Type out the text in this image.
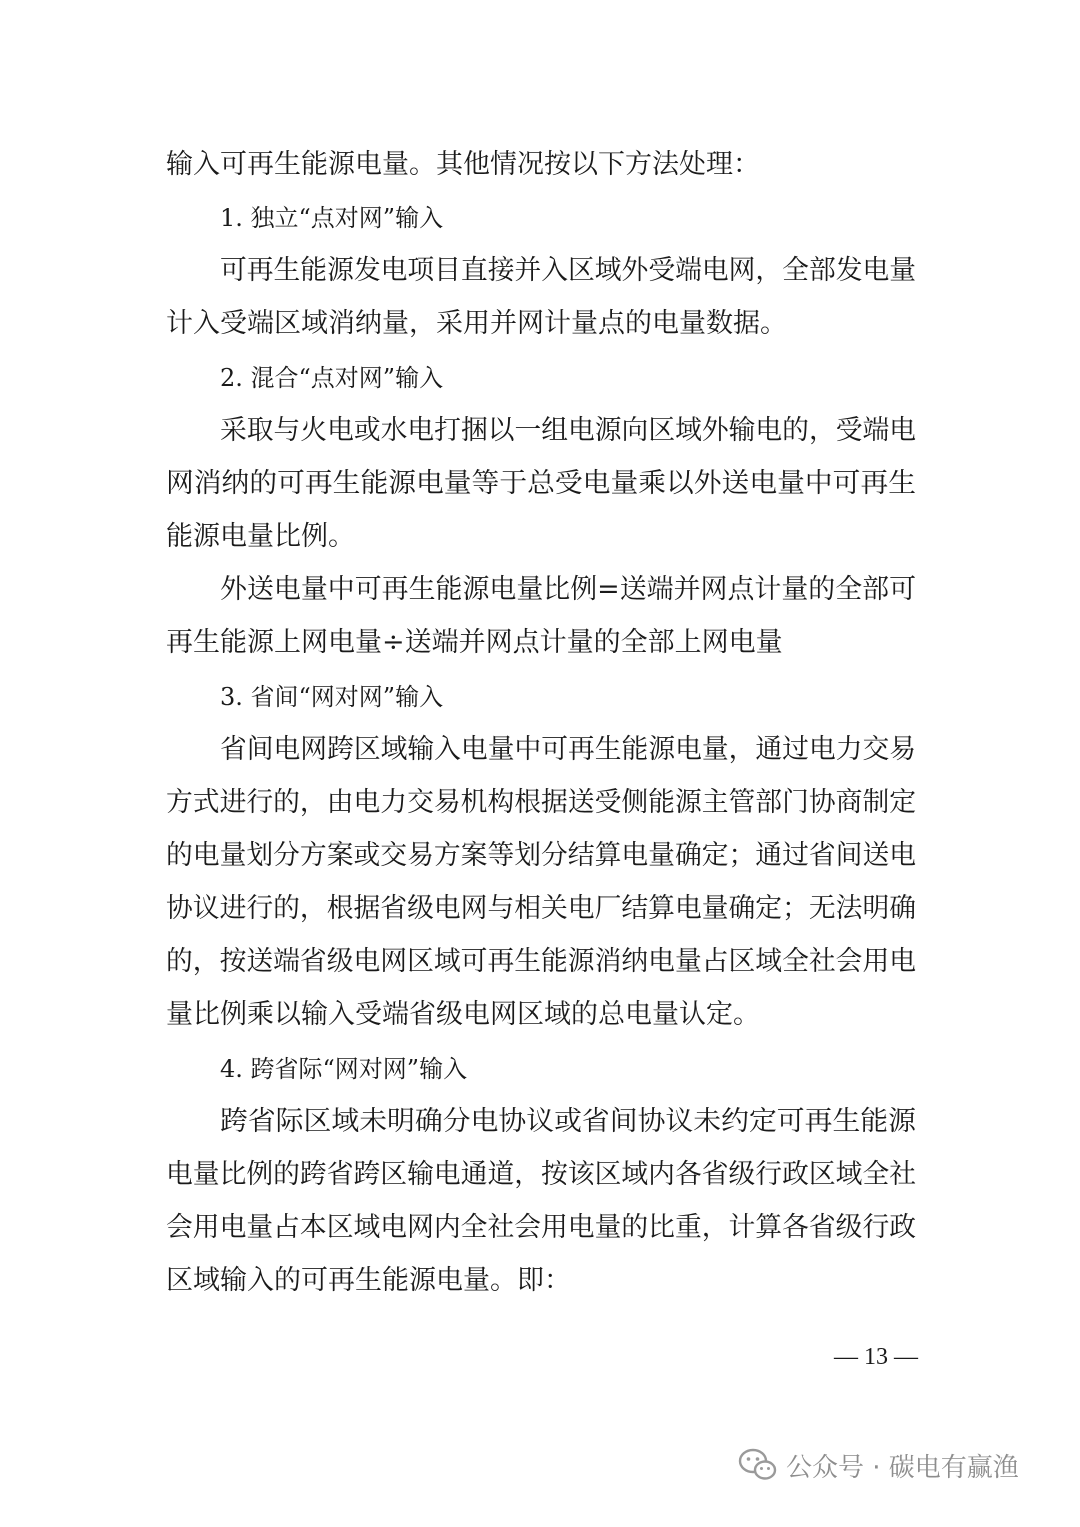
输入可再生能源电量。其他情况按以下方法处理：
1. 独立“点对网”输入
可再生能源发电项目直接并入区域外受端电网，全部发电量
计入受端区域消纳量，采用并网计量点的电量数据。
2. 混合“点对网”输入
采取与火电或水电打捆以一组电源向区域外输电的，受端电
网消纳的可再生能源电量等于总受电量乘以外送电量中可再生
能源电量比例。
外送电量中可再生能源电量比例=送端并网点计量的全部可
再生能源上网电量÷送端并网点计量的全部上网电量
3. 省间“网对网”输入
省间电网跨区域输入电量中可再生能源电量，通过电力交易
方式进行的，由电力交易机构根据送受侧能源主管部门协商制定
的电量划分方案或交易方案等划分结算电量确定；通过省间送电
协议进行的，根据省级电网与相关电厂结算电量确定；无法明确
的，按送端省级电网区域可再生能源消纳电量占区域全社会用电
量比例乘以输入受端省级电网区域的总电量认定。
4. 跨省际“网对网”输入
跨省际区域未明确分电协议或省间协议未约定可再生能源
电量比例的跨省跨区输电通道，按该区域内各省级行政区域全社
会用电量占本区域电网内全社会用电量的比重，计算各省级行政
区域输入的可再生能源电量。即：
— 13 —
公众号 · 碳电有赢渔
